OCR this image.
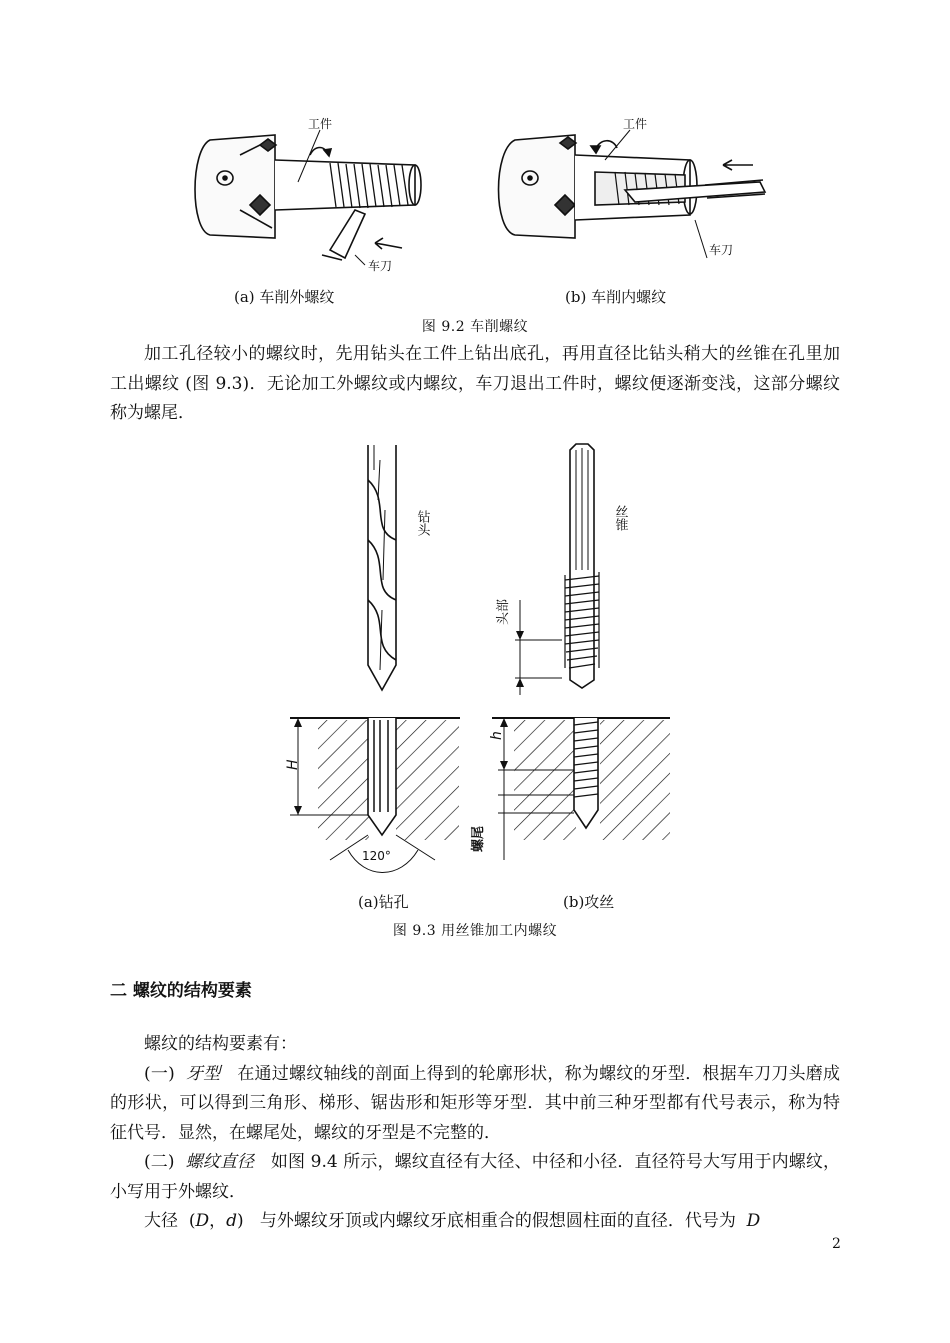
工件
车刀
工件
车刀
(a) 车削外螺纹	(b) 车削内螺纹
图 9.2 车削螺纹

加工孔径较小的螺纹时，先用钻头在工件上钻出底孔，再用直径比钻头稍大的丝锥在孔里加工出螺纹 (图 9.3)．无论加工外螺纹或内螺纹，车刀退出工件时，螺纹便逐渐变浅，这部分螺纹称为螺尾．

钻头	丝锥
头部
H
h
螺尾
120°
(a)钻孔	(b)攻丝
图 9.3 用丝锥加工内螺纹
二 螺纹的结构要素

螺纹的结构要素有：

(一) 牙型 在通过螺纹轴线的剖面上得到的轮廓形状，称为螺纹的牙型．根据车刀刀头磨成的形状，可以得到三角形、梯形、锯齿形和矩形等牙型．其中前三种牙型都有代号表示，称为特征代号．显然，在螺尾处，螺纹的牙型是不完整的．

(二) 螺纹直径 如图 9.4 所示，螺纹直径有大径、中径和小径．直径符号大写用于内螺纹，小写用于外螺纹．

大径 (D，d) 与外螺纹牙顶或内螺纹牙底相重合的假想圆柱面的直径．代号为 D

2
